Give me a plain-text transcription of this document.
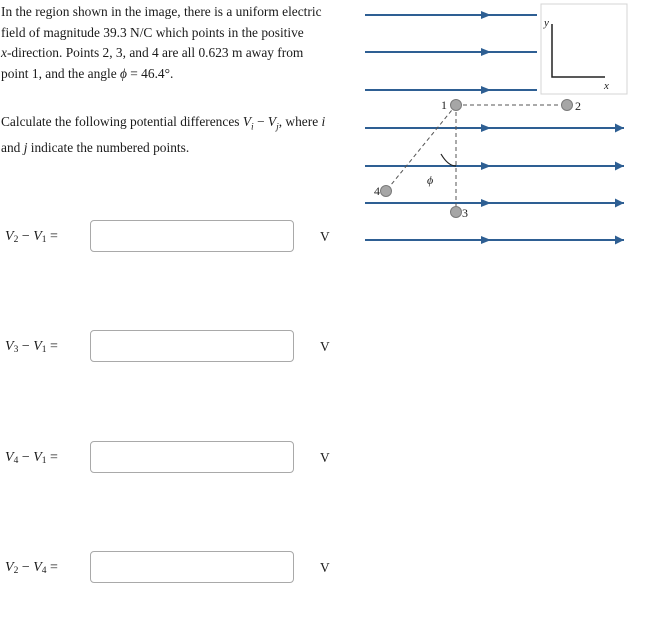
In the region shown in the image, there is a uniform electric
field of magnitude 39.3 N/C which points in the positive
x-direction. Points 2, 3, and 4 are all 0.623 m away from
point 1, and the angle ϕ = 46.4°.

Calculate the following potential differences $V_i - V_j$, where i
and j indicate the numbered points.

$V_2 - V_1$ =	V
$V_3 - V_1$ =	V
$V_4 - V_1$ =	V
$V_2 - V_4$ =	V
y
x
ϕ
1	2
3
4
